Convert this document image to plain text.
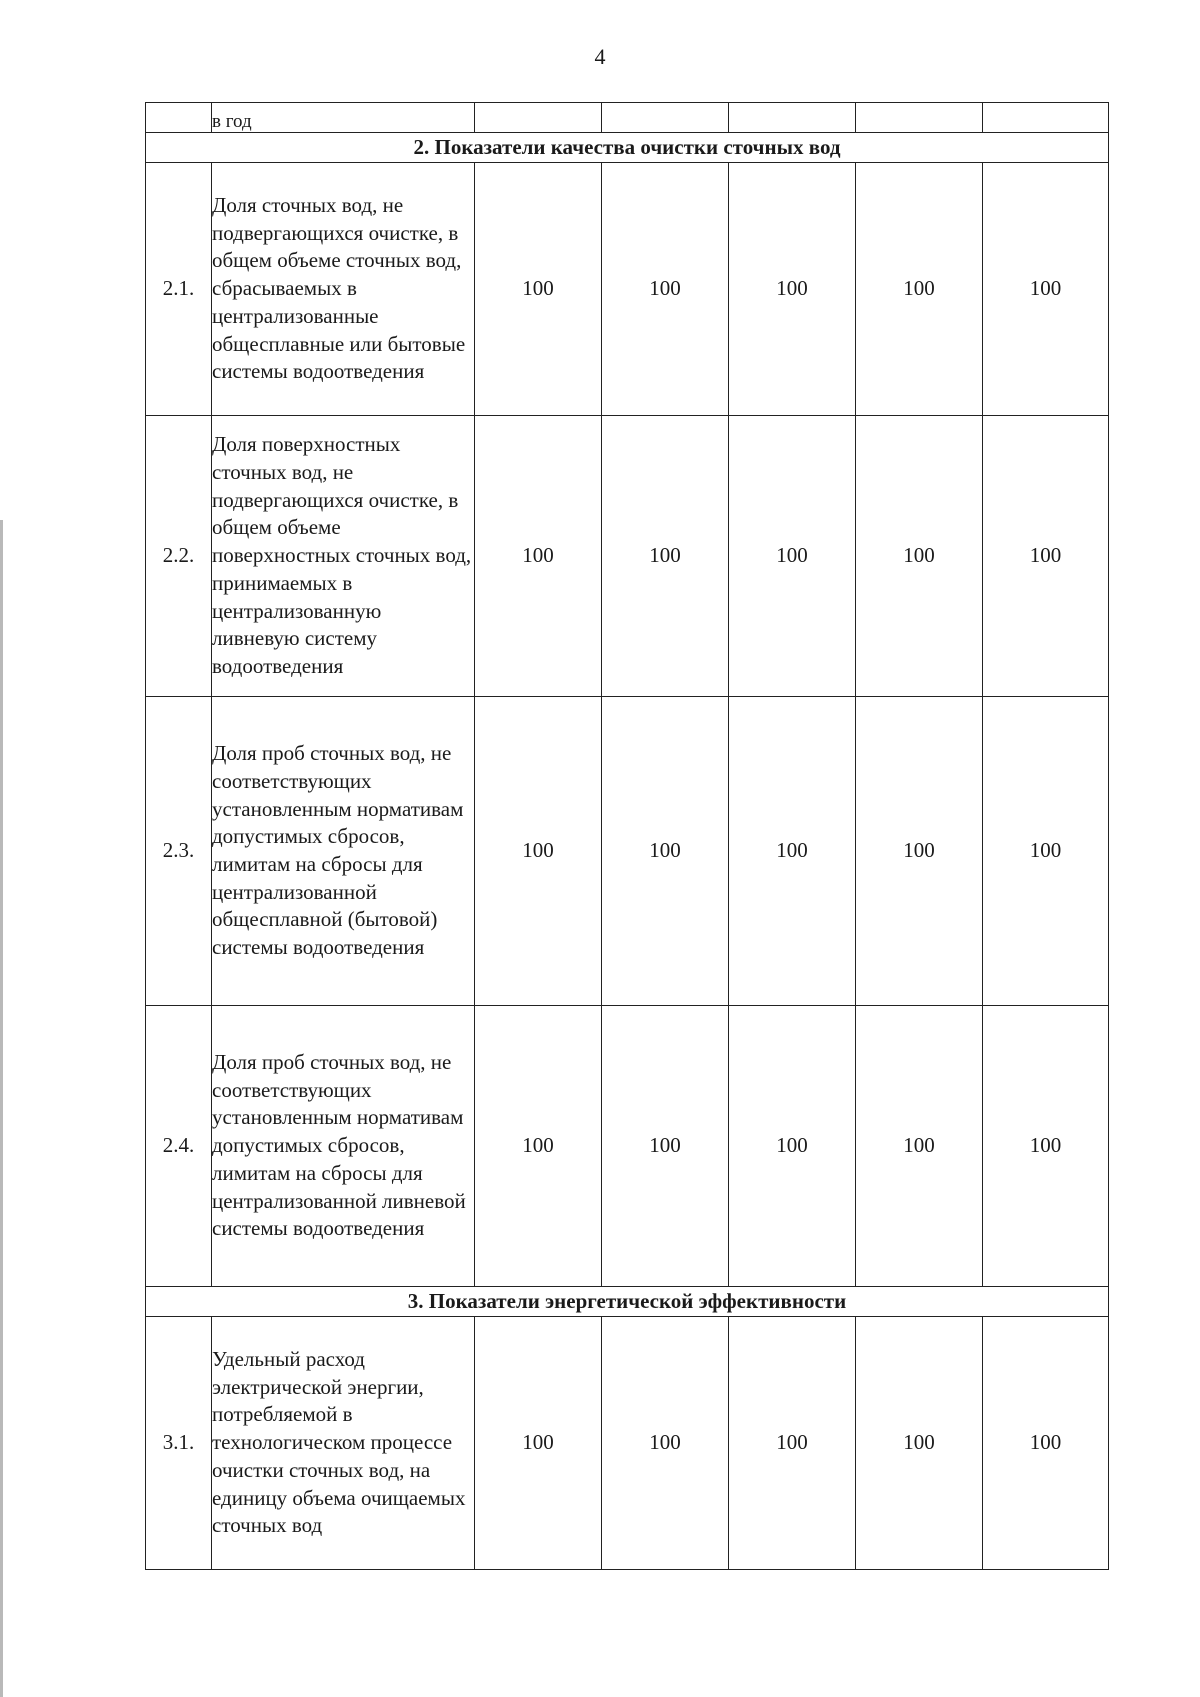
4
	в год					
2. Показатели качества очистки сточных вод						
2.1.	Доля сточных вод, не подвергающихся очистке, в общем объеме сточных вод, сбрасываемых в централизованные общесплавные или бытовые системы водоотведения	100	100	100	100	100
2.2.	Доля поверхностных сточных вод, не подвергающихся очистке, в общем объеме поверхностных сточных вод, принимаемых в централизованную ливневую систему водоотведения	100	100	100	100	100
2.3.	Доля проб сточных вод, не соответствующих установленным нормативам допустимых сбросов, лимитам на сбросы для централизованной общесплавной (бытовой) системы водоотведения	100	100	100	100	100
2.4.	Доля проб сточных вод, не соответствующих установленным нормативам допустимых сбросов, лимитам на сбросы для централизованной ливневой системы водоотведения	100	100	100	100	100
3. Показатели энергетической эффективности						
3.1.	Удельный расход электрической энергии, потребляемой в технологическом процессе очистки сточных вод, на единицу объема очищаемых сточных вод	100	100	100	100	100
